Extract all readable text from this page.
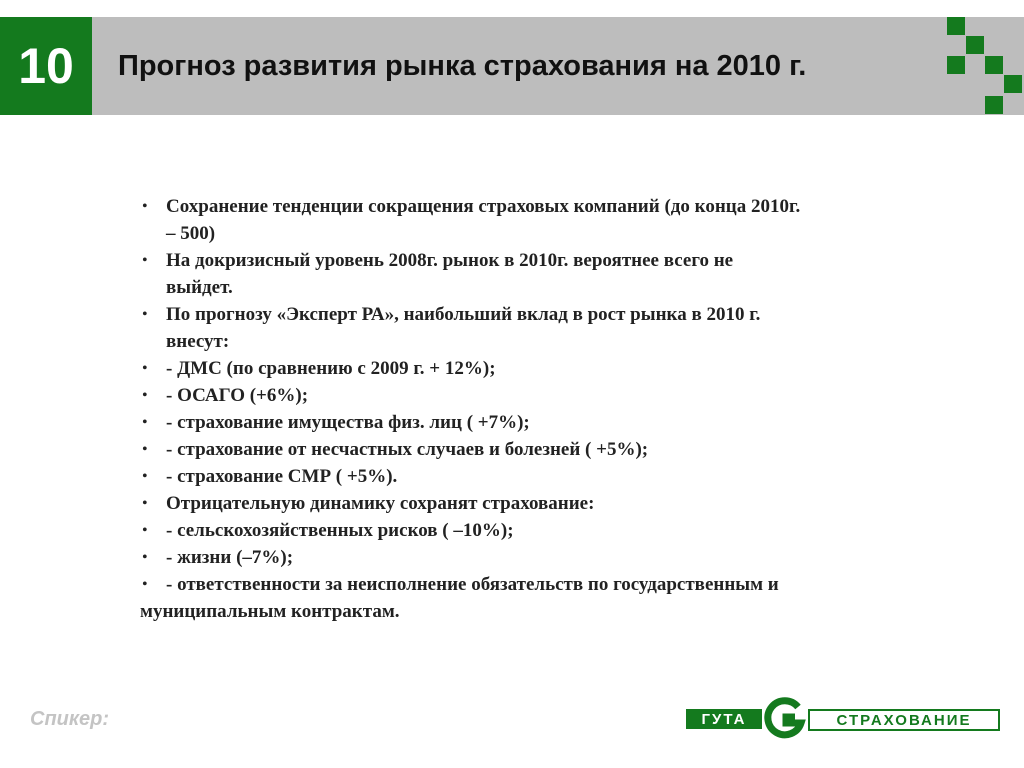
10	Прогноз развития рынка страхования на 2010 г.
• Сохранение тенденции сокращения страховых компаний (до конца 2010г.
– 500)
• На докризисный уровень 2008г. рынок в 2010г. вероятнее всего не
выйдет.
• По прогнозу «Эксперт РА», наибольший вклад в рост рынка в 2010 г.
внесут:
• - ДМС (по сравнению с 2009 г. + 12%);
• - ОСАГО (+6%);
• - страхование имущества физ. лиц ( +7%);
• - страхование от несчастных случаев и болезней ( +5%);
• - страхование СМР ( +5%).
• Отрицательную динамику сохранят страхование:
• - сельскохозяйственных рисков ( –10%);
• - жизни (–7%);
• - ответственности за неисполнение обязательств по государственным и
муниципальным контрактам.
Спикер:	ГУТА	СТРАХОВАНИЕ
